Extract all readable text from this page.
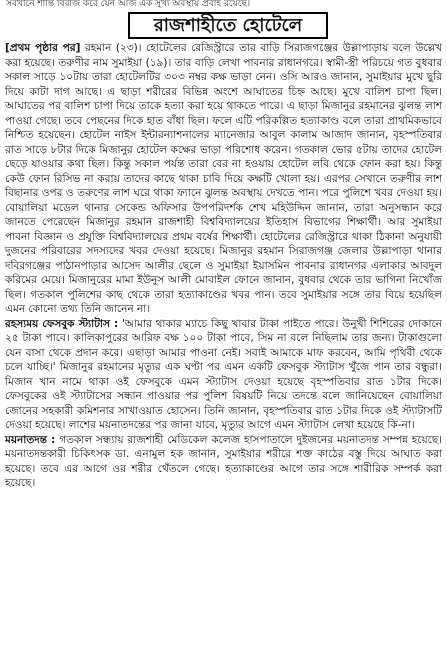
সবখানে শান্তি বিরাজ করে যেন আজ এক সুখ্য অবস্থায় প্রবাহ রয়েছে।
রাজশাহীতে হোটেলে

[প্রথম পৃষ্ঠার পর] রহমান (২৩)। হোটেলের রেজিস্ট্রারে তার বাড়ি সিরাজগঞ্জের উল্লাপাড়ায় বলে উল্লেখ করা হয়েছে। তরুণীর নাম সুমাইয়া (১৯)। তার বাড়ি লেখা পাবনার রাধানগরে। স্বামী-স্ত্রী পরিচয়ে গত বুধবার সকাল সাড়ে ১০টায় তারা হোটেলটির ৩০৩ নম্বর কক্ষ ভাড়া নেন। ওসি আরও জানান, সুমাইয়ার মুখে ছুরি দিয়ে কাটা দাগ আছে। এ ছাড়া শরীরের বিভিন্ন অংশে আঘাতের চিহ্ন আছে। মুখে বালিশ চাপা ছিল। আঘাতের পর বালিশ চাপা দিয়ে তাকে হত্যা করা হয়ে থাকতে পারে। এ ছাড়া মিজানুর রহমানের ঝুলন্ত লাশ পাওয়া গেছে। তবে পেছনের দিকে হাত বাঁধা ছিল। ফলে এটি পরিকল্পিত হত্যাকাণ্ড বলে তারা প্রাথমিকভাবে নিশ্চিত হয়েছেন। হোটেল নাইস ইন্টারন্যাশনালের ম্যানেজার আবুল কালাম আজাদ জানান, বৃহস্পতিবার রাত সাড়ে ৮টার দিকে মিজানুর হোটেল কক্ষের ভাড়া পরিশোধ করেন। গতকাল ভোর ৫টায় তাদের হোটেল ছেড়ে যাওয়ার কথা ছিল। কিন্তু সকাল পর্যন্ত তারা বের না হওয়ায় হোটেল লবি থেকে ফোন করা হয়। কিন্তু কেউ ফোন রিসিভ না করায় তাদের কাছে থাকা চাবি দিয়ে কক্ষটি খোলা হয়। এরপর সেখানে তরুণীর লাশ বিছানার ওপর ও তরুণের লাশ ঘরে থাকা ফ্যানে ঝুলন্ত অবস্থায় দেখতে পান। পরে পুলিশে খবর দেওয়া হয়। বোয়ালিয়া মডেল থানার সেকেন্ড অফিসার উপপরিদর্শক শেখ মহিউদ্দিন জানান, তারা অনুসন্ধান করে জানতে পেরেছেন মিজানুর রহমান রাজশাহী বিশ্ববিদ্যালয়ের ইতিহাস বিভাগের শিক্ষার্থী। আর সুমাইয়া পাবনা বিজ্ঞান ও প্রযুক্তি বিশ্ববিদ্যালয়ের প্রথম বর্ষের শিক্ষার্থী। হোটেলের রেজিস্ট্রারে থাকা ঠিকানা অনুযায়ী দুজনের পরিবারের সদস্যদের খবর দেওয়া হয়েছে। মিজানুর রহমান সিরাজগঞ্জ জেলার উল্লাপাড়া থানার দবিরগঞ্জের পাঠানপাড়ার আসেদ আলীর ছেলে ও সুমাইয়া ইয়াসমিন পাবনার রাধানগর এলাকার আবদুল করিমের মেয়ে। মিজানুরের মামা ইউনুস আলী মোবাইল ফোনে জানান, বুধবার থেকে তার ভাগিনা নিখোঁজ ছিল। গতকাল পুলিশের কাছ থেকে তারা হত্যাকাণ্ডের খবর পান। তবে সুমাইয়ার সঙ্গে তার বিয়ে হয়েছিল এমন কোনো তথ্য তিনি জানেন না।

রহস্যময় ফেসবুক স্ট্যাটাস : 'আমার থাকার ম্যাচে কিছু খাবার টাকা পাইতে পারে। উনুখী শিশিরের দোকানে ২৫ টাকা পাবে। কালিকাপুরের আরিফ বক্ষ ১০০ টাকা পাবে, সিম না বলে নিছিলাম তার জন্য। টাকাগুলো যেন বাসা থেকে প্রদান করে। এছাড়া আমার পাওনা নেই। সবাই আমাকে মাফ করবেন, আমি পৃথিবী থেকে চলে যাচ্ছি।' মিজানুর রহমানের মৃত্যুর এক ঘণ্টা পর এমন একটি ফেসবুক স্ট্যাটাস খুঁজে পান তার বন্ধুরা। মিজান খান নামে থাকা ওই ফেসবুকে এমন স্ট্যাটাস দেওয়া হয়েছে বৃহস্পতিবার রাত ১টার দিকে। ফেসবুকের ওই স্ট্যাটাসের সন্ধান পাওয়ার পর পুলিশ বিষয়টি নিয়ে তদন্তে বলে জানিয়েছেন বোয়ালিয়া জোনের সহকারী কমিশনার সাখাওয়াত হোসেন। তিনি জানান, বৃহস্পতিবার রাত ১টার দিকে ওই স্ট্যাটাসটি দেওয়া হয়েছে। লাশের ময়নাতদন্তের পর জানা যাবে, মৃত্যুর আগে এমন স্ট্যাটাস লেখা হয়েছে কি-না।

ময়নাতদন্ত : গতকাল সন্ধ্যায় রাজশাহী মেডিকেল কলেজ হাসপাতালে দুইজনের ময়নাতদন্ত সম্পন্ন হয়েছে। ময়নাতদন্তকারী চিকিৎসক ডা. এনামুল হক জানান, সুমাইয়ার শরীরে শক্ত কাঠের বস্তু দিয়ে আঘাত করা হয়েছে। তবে এর আগে ওর শরীর থেঁতলে গেছে। হত্যাকাণ্ডের আগে তার সঙ্গে শারীরিক সম্পর্ক করা হয়েছে।
